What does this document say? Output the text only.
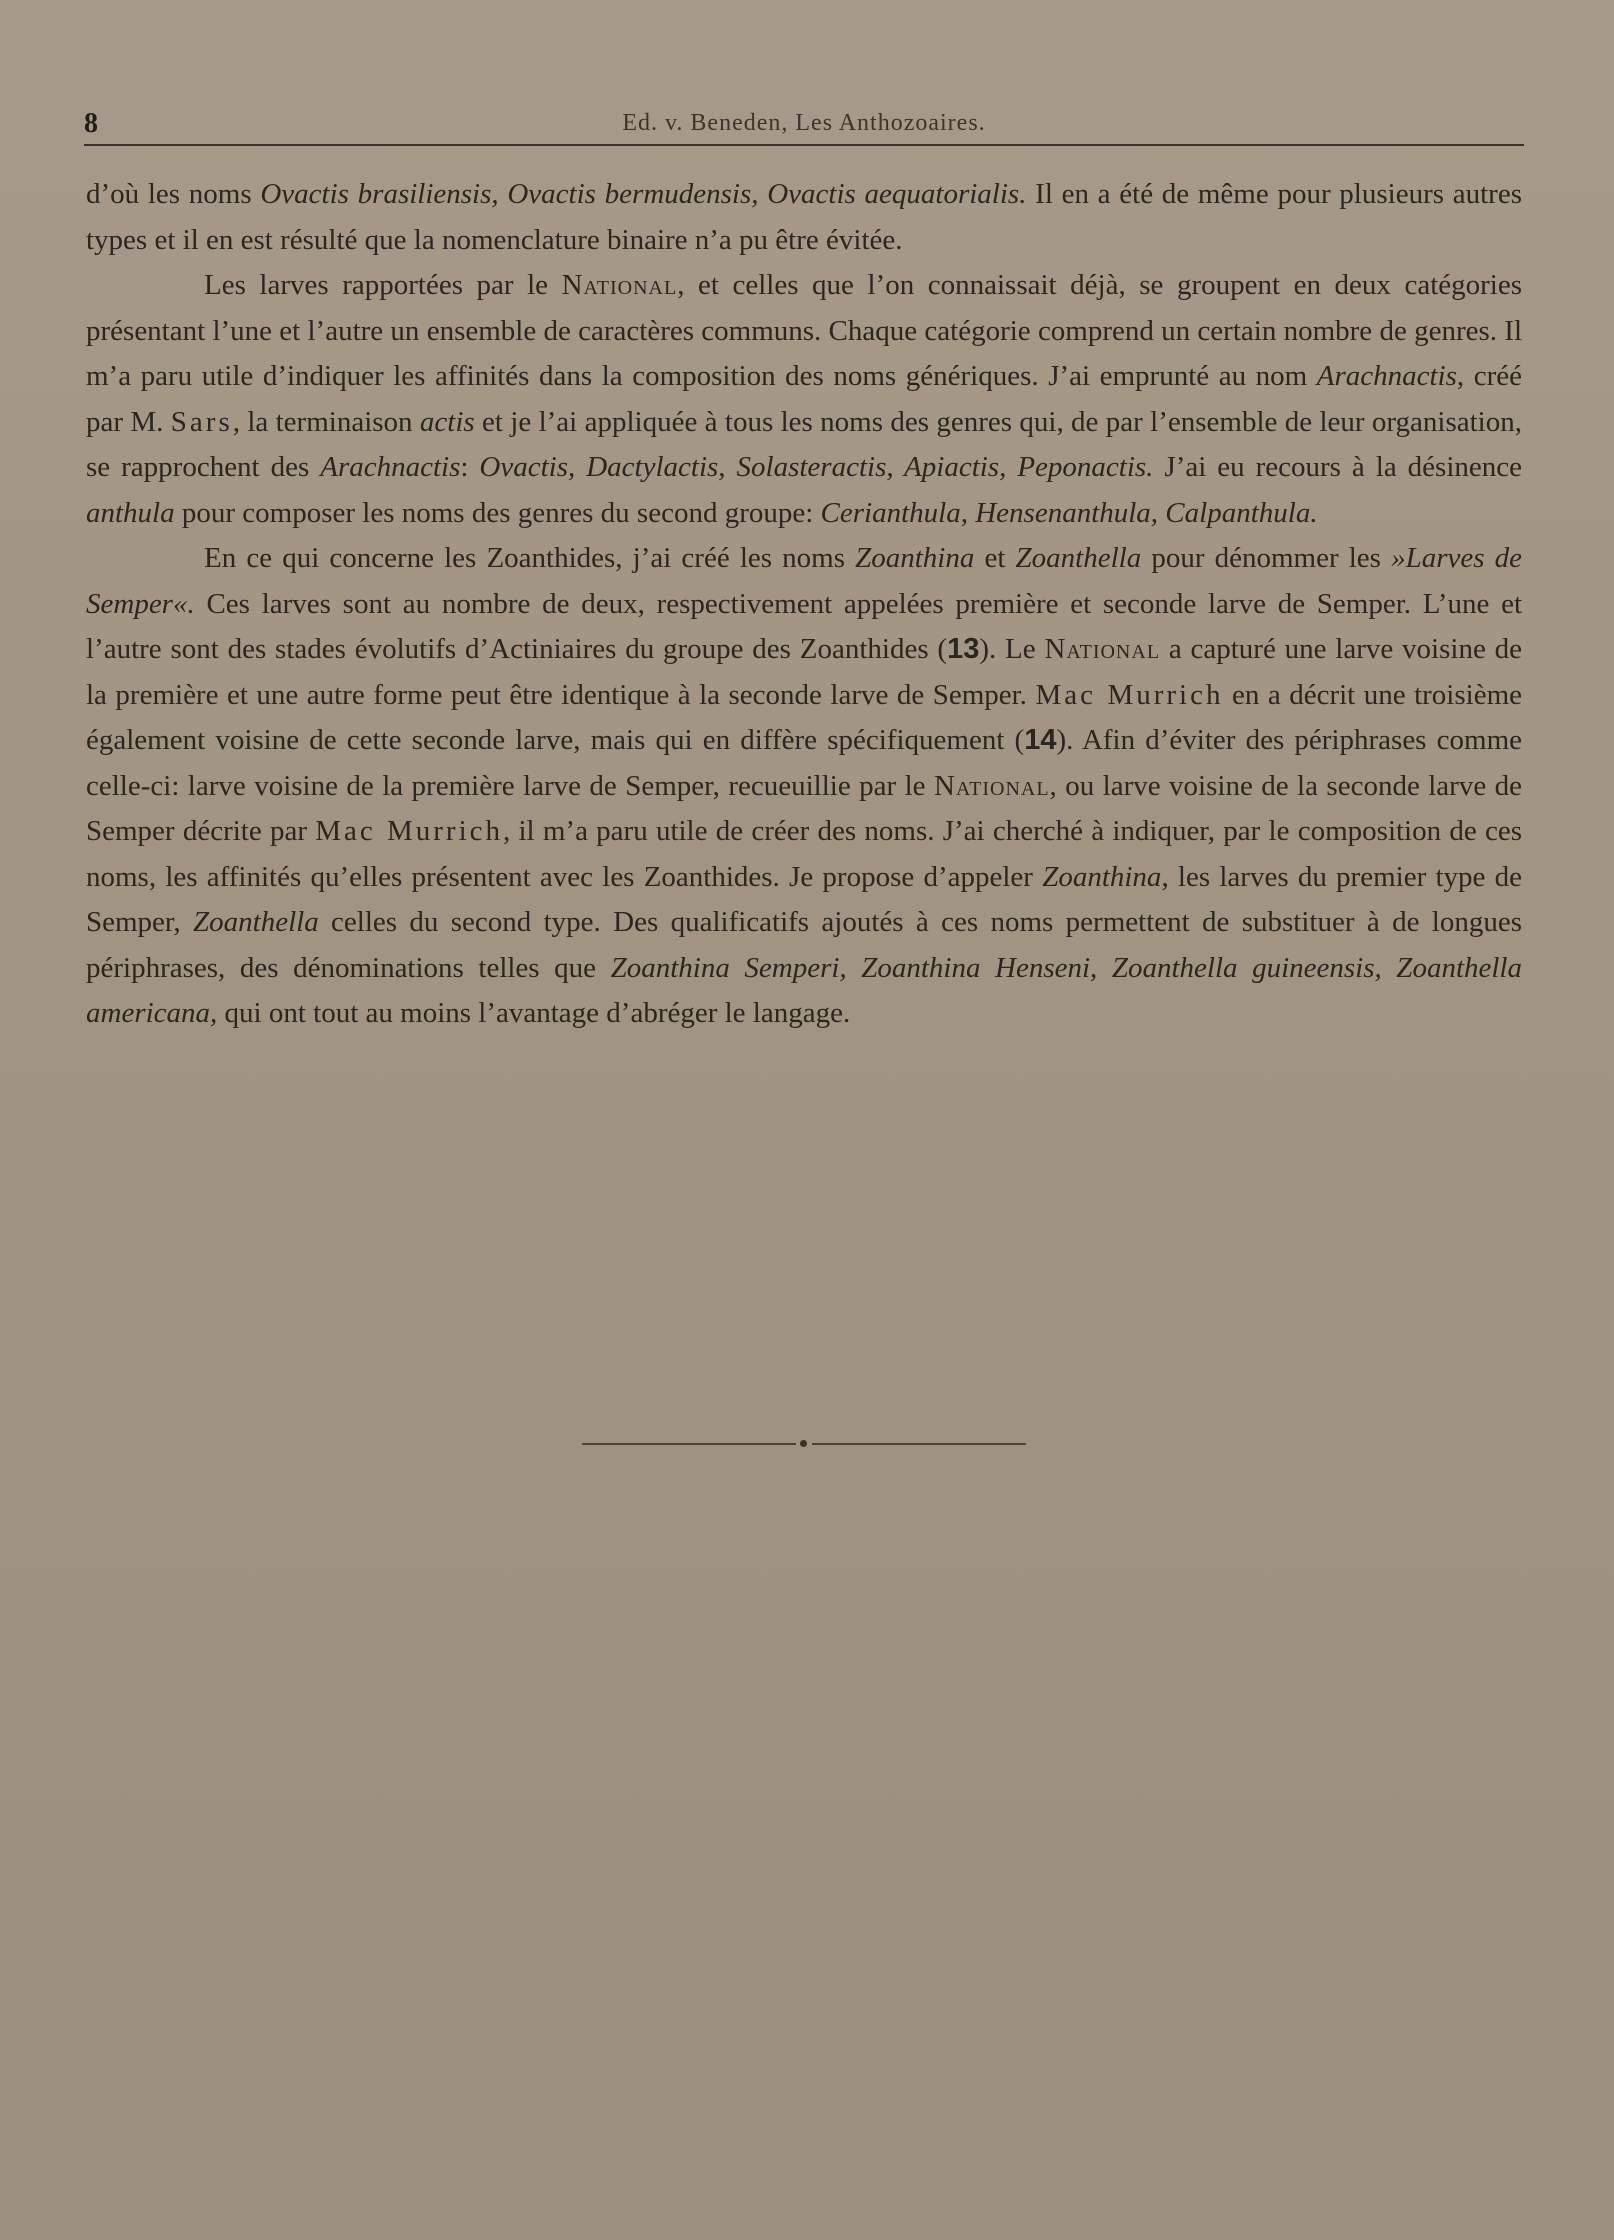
8	Ed. v. Beneden, Les Anthozoaires.

d’où les noms Ovactis brasiliensis, Ovactis bermudensis, Ovactis aequatorialis. Il en a été de même pour plusieurs autres types et il en est résulté que la nomenclature binaire n’a pu être évitée.

Les larves rapportées par le National, et celles que l’on connaissait déjà, se groupent en deux catégories présentant l’une et l’autre un ensemble de caractères communs. Chaque catégorie comprend un certain nombre de genres. Il m’a paru utile d’indiquer les affinités dans la composition des noms génériques. J’ai emprunté au nom Arachnactis, créé par M. Sars, la terminaison actis et je l’ai appliquée à tous les noms des genres qui, de par l’ensemble de leur organisation, se rapprochent des Arachnactis: Ovactis, Dactylactis, Solasteractis, Apiactis, Peponactis. J’ai eu recours à la désinence anthula pour composer les noms des genres du second groupe: Cerianthula, Hensenanthula, Calpanthula.

En ce qui concerne les Zoanthides, j’ai créé les noms Zoanthina et Zoanthella pour dénommer les »Larves de Semper«. Ces larves sont au nombre de deux, respectivement appelées première et seconde larve de Semper. L’une et l’autre sont des stades évolutifs d’Actiniaires du groupe des Zoanthides (13). Le National a capturé une larve voisine de la première et une autre forme peut être identique à la seconde larve de Semper. Mac Murrich en a décrit une troisième également voisine de cette seconde larve, mais qui en diffère spécifiquement (14). Afin d’éviter des périphrases comme celle-ci: larve voisine de la première larve de Semper, recueuillie par le National, ou larve voisine de la seconde larve de Semper décrite par Mac Murrich, il m’a paru utile de créer des noms. J’ai cherché à indiquer, par le composition de ces noms, les affinités qu’elles présentent avec les Zoanthides. Je propose d’appeler Zoanthina, les larves du premier type de Semper, Zoanthella celles du second type. Des qualificatifs ajoutés à ces noms permettent de substituer à de longues périphrases, des dénominations telles que Zoanthina Semperi, Zoanthina Henseni, Zoanthella guineensis, Zoanthella americana, qui ont tout au moins l’avantage d’abréger le langage.
